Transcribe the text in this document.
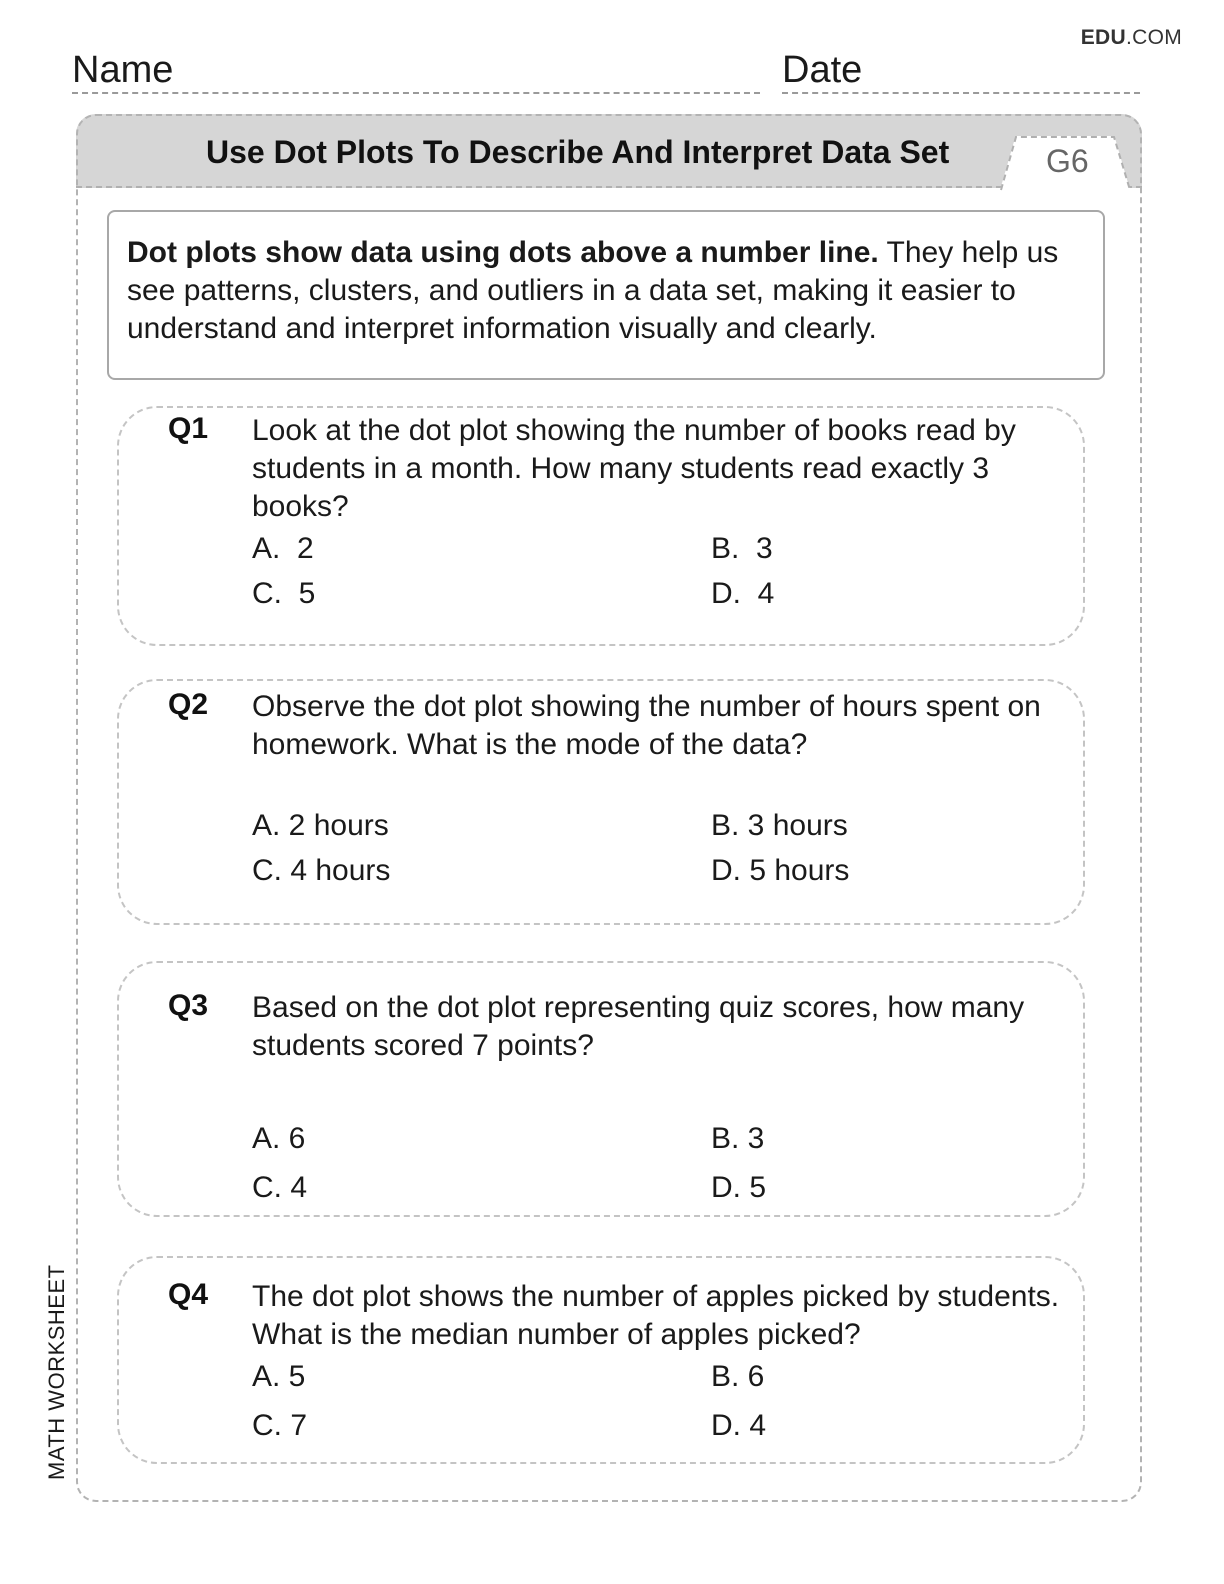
EDU.COM
Name	Date
Use Dot Plots To Describe And Interpret Data Set	G6
Dot plots show data using dots above a number line. They help us see patterns, clusters, and outliers in a data set, making it easier to understand and interpret information visually and clearly.
Q1 Look at the dot plot showing the number of books read by students in a month. How many students read exactly 3 books?
A.  2	B.  3
C.  5	D.  4
Q2 Observe the dot plot showing the number of hours spent on homework. What is the mode of the data?
A. 2 hours	B. 3 hours
C. 4 hours	D. 5 hours
Q3 Based on the dot plot representing quiz scores, how many students scored 7 points?
A. 6	B. 3
C. 4	D. 5
Q4 The dot plot shows the number of apples picked by students. What is the median number of apples picked?
A. 5	B. 6
C. 7	D. 4
MATH WORKSHEET
